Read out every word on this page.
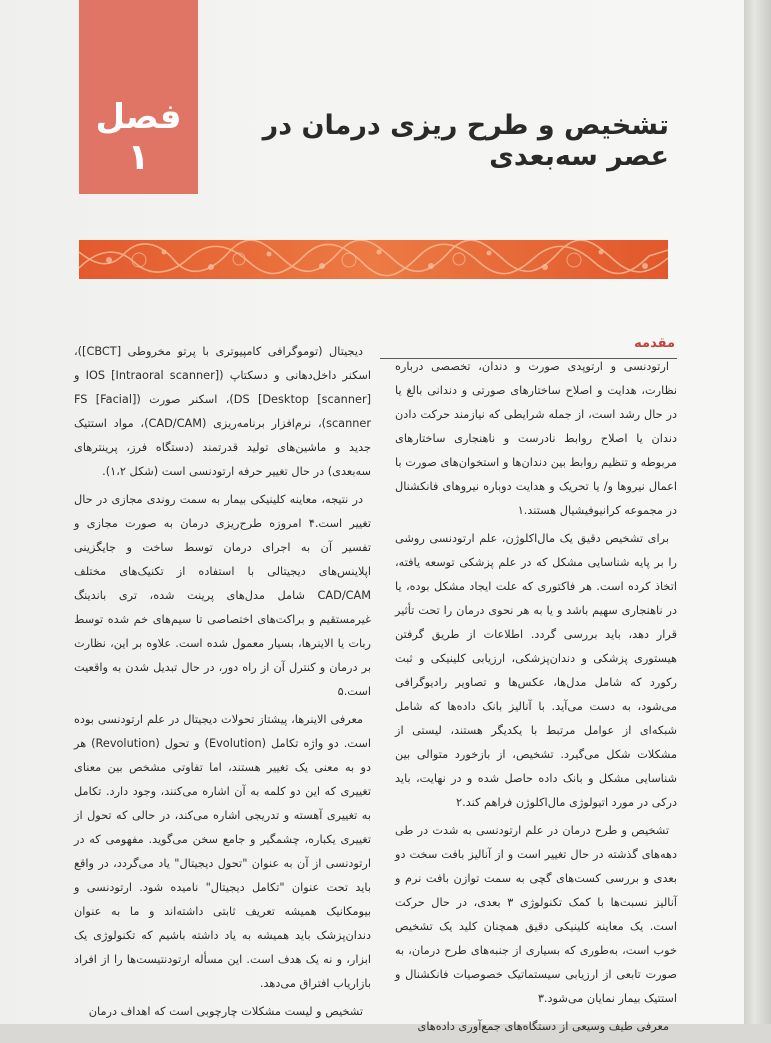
فصل
۱
تشخیص و طرح ریزی درمان در عصر سه‌بعدی
مقدمه

ارتودنسی و ارتوپدی صورت و دندان، تخصصی درباره نظارت، هدایت و اصلاح ساختارهای صورتی و دندانی بالغ یا در حال رشد است، از جمله شرایطی که نیازمند حرکت دادن دندان یا اصلاح روابط نادرست و ناهنجاری ساختارهای مربوطه و تنظیم روابط بین دندان‌ها و استخوان‌های صورت با اعمال نیروها و/ یا تحریک و هدایت دوباره نیروهای فانکشنال در مجموعه کرانیوفیشیال هستند.۱

برای تشخیص دقیق یک مال‌اکلوژن، علم ارتودنسی روشی را بر پایه شناسایی مشکل که در علم پزشکی توسعه یافته، اتخاذ کرده است. هر فاکتوری که علت ایجاد مشکل بوده، یا در ناهنجاری سهیم باشد و یا به هر نحوی درمان را تحت تأثیر قرار دهد، باید بررسی گردد. اطلاعات از طریق گرفتن هیستوری پزشکی و دندان‌پزشکی، ارزیابی کلینیکی و ثبت رکورد که شامل مدل‌ها، عکس‌ها و تصاویر رادیوگرافی می‌شود، به دست می‌آید. با آنالیز بانک داده‌ها که شامل شبکه‌ای از عوامل مرتبط با یکدیگر هستند، لیستی از مشکلات شکل می‌گیرد. تشخیص، از بازخورد متوالی بین شناسایی مشکل و بانک داده حاصل شده و در نهایت، باید درکی در مورد اتیولوژی مال‌اکلوژن فراهم کند.۲

تشخیص و طرح درمان در علم ارتودنسی به شدت در طی دهه‌های گذشته در حال تغییر است و از آنالیز بافت سخت دو بعدی و بررسی کست‌های گچی به سمت توازن بافت نرم و آنالیز نسبت‌ها با کمک تکنولوژی ۳ بعدی، در حال حرکت است. یک معاینه کلینیکی دقیق همچنان کلید یک تشخیص خوب است، به‌طوری که بسیاری از جنبه‌های طرح درمان، به صورت تابعی از ارزیابی سیستماتیک خصوصیات فانکشنال و استتیک بیمار نمایان می‌شود.۳

معرفی طیف وسیعی از دستگاه‌های جمع‌آوری داده‌های

دیجیتال (توموگرافی کامپیوتری با پرتو مخروطی [CBCT])، اسکنر داخل‌دهانی و دسکتاپ ([IOS [Intraoral scanner و DS [Desktop [scanner])، اسکنر صورت ([FS [Facial scanner)، نرم‌افزار برنامه‌ریزی (CAD/CAM)، مواد استتیک جدید و ماشین‌های تولید قدرتمند (دستگاه فرز، پرینترهای سه‌بعدی) در حال تغییر حرفه ارتودنسی است (شکل ۱،۲).

در نتیجه، معاینه کلینیکی بیمار به سمت روندی مجازی در حال تغییر است.۴ امروزه طرح‌ریزی درمان به صورت مجازی و تفسیر آن به اجرای درمان توسط ساخت و جایگزینی اپلاینس‌های دیجیتالی با استفاده از تکنیک‌های مختلف CAD/CAM شامل مدل‌های پرینت شده، تری باندینگ غیرمستقیم و براکت‌های اختصاصی تا سیم‌های خم شده توسط ربات یا الاینرها، بسیار معمول شده است. علاوه بر این، نظارت بر درمان و کنترل آن از راه دور، در حال تبدیل شدن به واقعیت است.۵

معرفی الاینرها، پیشتاز تحولات دیجیتال در علم ارتودنسی بوده است. دو واژه تکامل (Evolution) و تحول (Revolution) هر دو به معنی یک تغییر هستند، اما تفاوتی مشخص بین معنای تغییری که این دو کلمه به آن اشاره می‌کنند، وجود دارد. تکامل به تغییری آهسته و تدریجی اشاره می‌کند، در حالی که تحول از تغییری یکباره، چشمگیر و جامع سخن می‌گوید. مفهومی که در ارتودنسی از آن به عنوان "تحول دیجیتال" یاد می‌گردد، در واقع باید تحت عنوان "تکامل دیجیتال" نامیده شود. ارتودنسی و بیومکانیک همیشه تعریف ثابتی داشته‌اند و ما به عنوان دندان‌پزشک باید همیشه به یاد داشته باشیم که تکنولوژی یک ابزار، و نه یک هدف است. این مسأله ارتودنتیست‌ها را از افراد بازاریاب افتراق می‌دهد.

تشخیص و لیست مشکلات چارچوبی است که اهداف درمان
